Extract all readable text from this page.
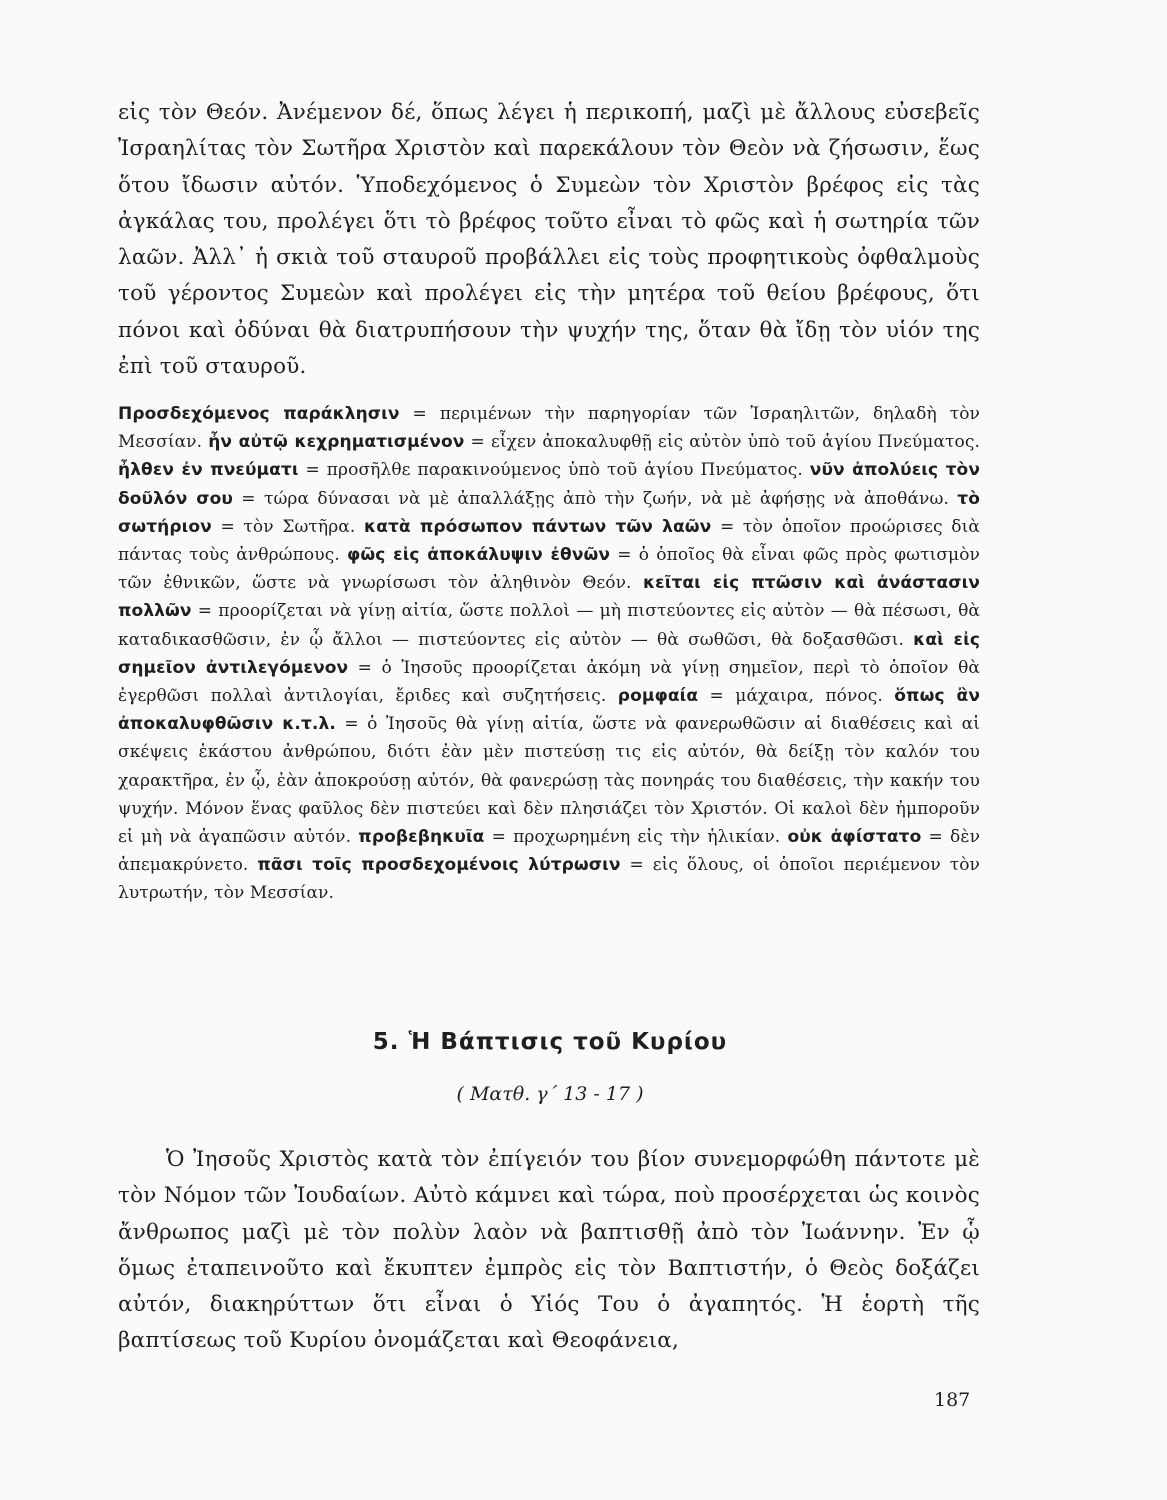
εἰς τὸν Θεόν. Ἀνέμενον δέ, ὅπως λέγει ἡ περικοπή, μαζὶ μὲ ἄλλους εὐσεβεῖς Ἰσραηλίτας τὸν Σωτῆρα Χριστὸν καὶ παρεκάλουν τὸν Θεὸν νὰ ζήσωσιν, ἕως ὅτου ἴδωσιν αὐτόν. Ὑποδεχόμενος ὁ Συμεὼν τὸν Χριστὸν βρέφος εἰς τὰς ἀγκάλας του, προλέγει ὅτι τὸ βρέφος τοῦτο εἶναι τὸ φῶς καὶ ἡ σωτηρία τῶν λαῶν. Ἀλλ᾽ ἡ σκιὰ τοῦ σταυροῦ προβάλλει εἰς τοὺς προφητικοὺς ὀφθαλμοὺς τοῦ γέροντος Συμεὼν καὶ προλέγει εἰς τὴν μητέρα τοῦ θείου βρέφους, ὅτι πόνοι καὶ ὀδύναι θὰ διατρυπήσουν τὴν ψυχήν της, ὅταν θὰ ἴδῃ τὸν υἱόν της ἐπὶ τοῦ σταυροῦ.

Προσδεχόμενος παράκλησιν = περιμένων τὴν παρηγορίαν τῶν Ἰσραηλιτῶν, δηλαδὴ τὸν Μεσσίαν. ἦν αὐτῷ κεχρηματισμένον = εἶχεν ἀποκαλυφθῇ εἰς αὐτὸν ὑπὸ τοῦ ἁγίου Πνεύματος. ἦλθεν ἐν πνεύματι = προσῆλθε παρακινούμενος ὑπὸ τοῦ ἁγίου Πνεύματος. νῦν ἀπολύεις τὸν δοῦλόν σου = τώρα δύνασαι νὰ μὲ ἀπαλλάξῃς ἀπὸ τὴν ζωήν, νὰ μὲ ἀφήσῃς νὰ ἀποθάνω. τὸ σωτήριον = τὸν Σωτῆρα. κατὰ πρόσωπον πάντων τῶν λαῶν = τὸν ὁποῖον προώρισες διὰ πάντας τοὺς ἀνθρώπους. φῶς εἰς ἀποκάλυψιν ἐθνῶν = ὁ ὁποῖος θὰ εἶναι φῶς πρὸς φωτισμὸν τῶν ἐθνικῶν, ὥστε νὰ γνωρίσωσι τὸν ἀληθινὸν Θεόν. κεῖται εἰς πτῶσιν καὶ ἀνάστασιν πολλῶν = προορίζεται νὰ γίνῃ αἰτία, ὥστε πολλοὶ — μὴ πιστεύοντες εἰς αὐτὸν — θὰ πέσωσι, θὰ καταδικασθῶσιν, ἐν ᾧ ἄλλοι — πιστεύοντες εἰς αὐτὸν — θὰ σωθῶσι, θὰ δοξασθῶσι. καὶ εἰς σημεῖον ἀντιλεγόμενον = ὁ Ἰησοῦς προορίζεται ἀκόμη νὰ γίνῃ σημεῖον, περὶ τὸ ὁποῖον θὰ ἐγερθῶσι πολλαὶ ἀντιλογίαι, ἔριδες καὶ συζητήσεις. ρομφαία = μάχαιρα, πόνος. ὅπως ἂν ἀποκαλυφθῶσιν κ.τ.λ. = ὁ Ἰησοῦς θὰ γίνῃ αἰτία, ὥστε νὰ φανερωθῶσιν αἱ διαθέσεις καὶ αἱ σκέψεις ἑκάστου ἀνθρώπου, διότι ἐὰν μὲν πιστεύσῃ τις εἰς αὐτόν, θὰ δείξῃ τὸν καλόν του χαρακτῆρα, ἐν ᾧ, ἐὰν ἀποκρούσῃ αὐτόν, θὰ φανερώσῃ τὰς πονηράς του διαθέσεις, τὴν κακήν του ψυχήν. Μόνον ἕνας φαῦλος δὲν πιστεύει καὶ δὲν πλησιάζει τὸν Χριστόν. Οἱ καλοὶ δὲν ἠμποροῦν εἰ μὴ νὰ ἀγαπῶσιν αὐτόν. προβεβηκυῖα = προχωρημένη εἰς τὴν ἡλικίαν. οὐκ ἀφίστατο = δὲν ἀπεμακρύνετο. πᾶσι τοῖς προσδεχομένοις λύτρωσιν = εἰς ὅλους, οἱ ὁποῖοι περιέμενον τὸν λυτρωτήν, τὸν Μεσσίαν.

5. Ἡ Βάπτισις τοῦ Κυρίου

( Ματθ. γ΄ 13 - 17 )

Ὁ Ἰησοῦς Χριστὸς κατὰ τὸν ἐπίγειόν του βίον συνεμορφώθη πάντοτε μὲ τὸν Νόμον τῶν Ἰουδαίων. Αὐτὸ κάμνει καὶ τώρα, ποὺ προσέρχεται ὡς κοινὸς ἄνθρωπος μαζὶ μὲ τὸν πολὺν λαὸν νὰ βαπτισθῇ ἀπὸ τὸν Ἰωάννην. Ἐν ᾧ ὅμως ἐταπεινοῦτο καὶ ἔκυπτεν ἐμπρὸς εἰς τὸν Βαπτιστήν, ὁ Θεὸς δοξάζει αὐτόν, διακηρύττων ὅτι εἶναι ὁ Υἱός Του ὁ ἀγαπητός. Ἡ ἑορτὴ τῆς βαπτίσεως τοῦ Κυρίου ὀνομάζεται καὶ Θεοφάνεια,

187
